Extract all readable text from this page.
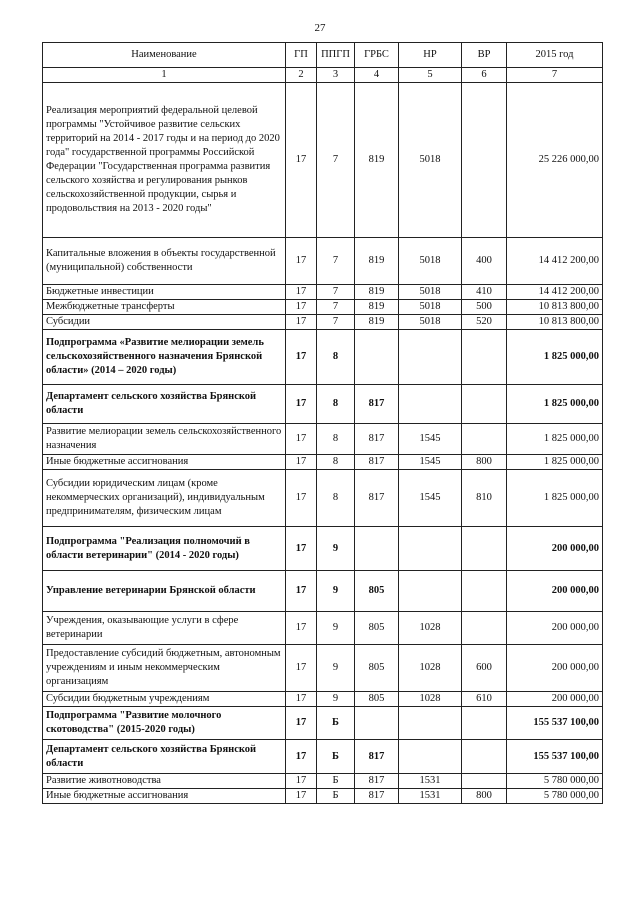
27
Наименование	ГП	ППГП	ГРБС	НР	ВР	2015 год
1	2	3	4	5	6	7
Реализация мероприятий федеральной целевой программы "Устойчивое развитие сельских территорий на 2014 - 2017 годы и на период до 2020 года" государственной программы Российской Федерации "Государственная программа развития сельского хозяйства и регулирования рынков сельскохозяйственной продукции, сырья и продовольствия на 2013 - 2020 годы"	17	7	819	5018		25 226 000,00
Капитальные вложения в объекты государственной (муниципальной) собственности	17	7	819	5018	400	14 412 200,00
Бюджетные инвестиции	17	7	819	5018	410	14 412 200,00
Межбюджетные трансферты	17	7	819	5018	500	10 813 800,00
Субсидии	17	7	819	5018	520	10 813 800,00
Подпрограмма «Развитие мелиорации земель сельскохозяйственного назначения Брянской области» (2014 – 2020 годы)	17	8				1 825 000,00
Департамент сельского хозяйства Брянской области	17	8	817			1 825 000,00
Развитие мелиорации земель сельскохозяйственного назначения	17	8	817	1545		1 825 000,00
Иные бюджетные ассигнования	17	8	817	1545	800	1 825 000,00
Субсидии юридическим лицам (кроме некоммерческих организаций), индивидуальным предпринимателям, физическим лицам	17	8	817	1545	810	1 825 000,00
Подпрограмма "Реализация полномочий в области ветеринарии" (2014 - 2020 годы)	17	9				200 000,00
Управление ветеринарии Брянской области	17	9	805			200 000,00
Учреждения, оказывающие услуги в сфере ветеринарии	17	9	805	1028		200 000,00
Предоставление субсидий бюджетным, автономным учреждениям и иным некоммерческим организациям	17	9	805	1028	600	200 000,00
Субсидии бюджетным учреждениям	17	9	805	1028	610	200 000,00
Подпрограмма "Развитие молочного скотоводства" (2015-2020 годы)	17	Б				155 537 100,00
Департамент сельского хозяйства Брянской области	17	Б	817			155 537 100,00
Развитие животноводства	17	Б	817	1531		5 780 000,00
Иные бюджетные ассигнования	17	Б	817	1531	800	5 780 000,00
